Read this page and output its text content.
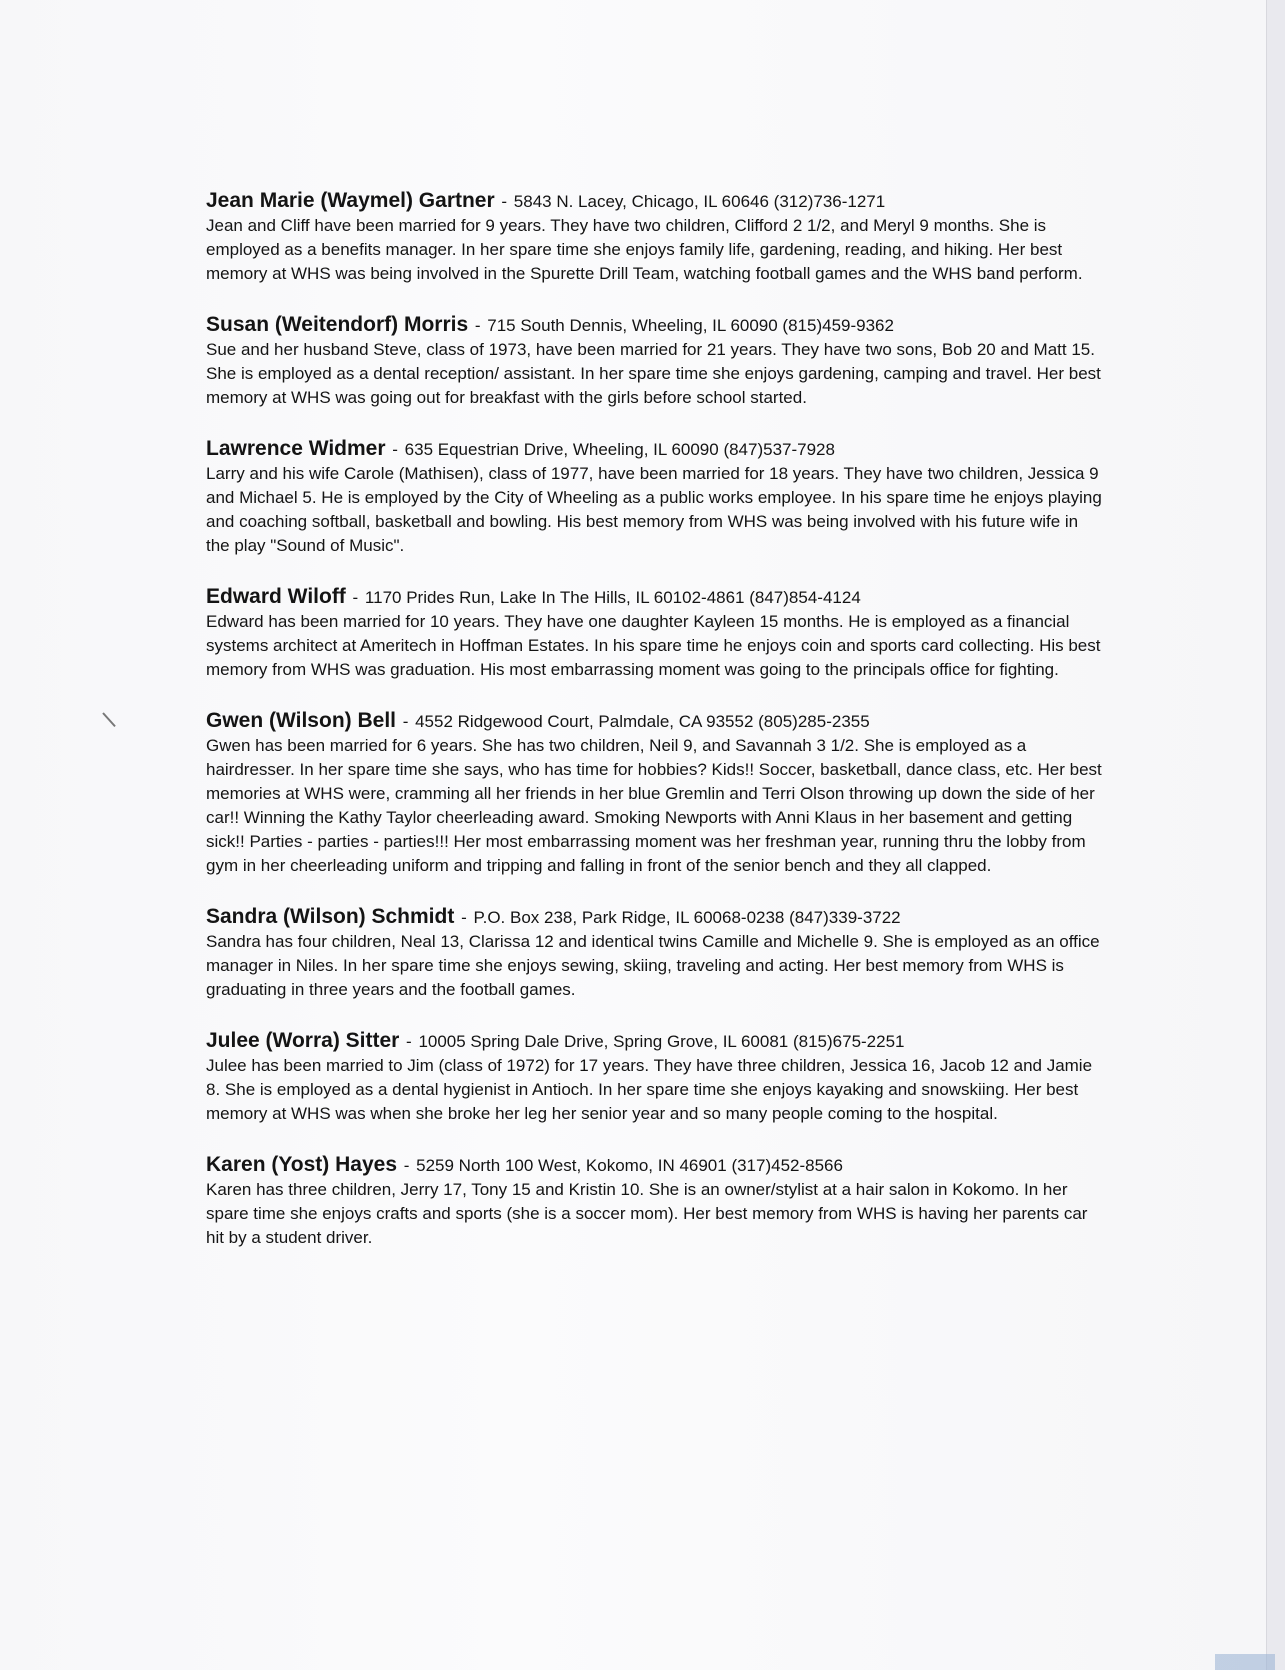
Jean Marie (Waymel) Gartner - 5843 N. Lacey, Chicago, IL 60646 (312)736-1271

Jean and Cliff have been married for 9 years. They have two children, Clifford 2 1/2, and Meryl 9 months. She is employed as a benefits manager. In her spare time she enjoys family life, gardening, reading, and hiking. Her best memory at WHS was being involved in the Spurette Drill Team, watching football games and the WHS band perform.

Susan (Weitendorf) Morris - 715 South Dennis, Wheeling, IL 60090 (815)459-9362

Sue and her husband Steve, class of 1973, have been married for 21 years. They have two sons, Bob 20 and Matt 15. She is employed as a dental reception/ assistant. In her spare time she enjoys gardening, camping and travel. Her best memory at WHS was going out for breakfast with the girls before school started.

Lawrence Widmer - 635 Equestrian Drive, Wheeling, IL 60090 (847)537-7928

Larry and his wife Carole (Mathisen), class of 1977, have been married for 18 years. They have two children, Jessica 9 and Michael 5. He is employed by the City of Wheeling as a public works employee. In his spare time he enjoys playing and coaching softball, basketball and bowling. His best memory from WHS was being involved with his future wife in the play "Sound of Music".

Edward Wiloff - 1170 Prides Run, Lake In The Hills, IL 60102-4861 (847)854-4124

Edward has been married for 10 years. They have one daughter Kayleen 15 months. He is employed as a financial systems architect at Ameritech in Hoffman Estates. In his spare time he enjoys coin and sports card collecting. His best memory from WHS was graduation. His most embarrassing moment was going to the principals office for fighting.

Gwen (Wilson) Bell - 4552 Ridgewood Court, Palmdale, CA 93552 (805)285-2355

Gwen has been married for 6 years. She has two children, Neil 9, and Savannah 3 1/2. She is employed as a hairdresser. In her spare time she says, who has time for hobbies? Kids!! Soccer, basketball, dance class, etc. Her best memories at WHS were, cramming all her friends in her blue Gremlin and Terri Olson throwing up down the side of her car!! Winning the Kathy Taylor cheerleading award. Smoking Newports with Anni Klaus in her basement and getting sick!! Parties - parties - parties!!! Her most embarrassing moment was her freshman year, running thru the lobby from gym in her cheerleading uniform and tripping and falling in front of the senior bench and they all clapped.

Sandra (Wilson) Schmidt - P.O. Box 238, Park Ridge, IL 60068-0238 (847)339-3722

Sandra has four children, Neal 13, Clarissa 12 and identical twins Camille and Michelle 9. She is employed as an office manager in Niles. In her spare time she enjoys sewing, skiing, traveling and acting. Her best memory from WHS is graduating in three years and the football games.

Julee (Worra) Sitter - 10005 Spring Dale Drive, Spring Grove, IL 60081 (815)675-2251

Julee has been married to Jim (class of 1972) for 17 years. They have three children, Jessica 16, Jacob 12 and Jamie 8. She is employed as a dental hygienist in Antioch. In her spare time she enjoys kayaking and snowskiing. Her best memory at WHS was when she broke her leg her senior year and so many people coming to the hospital.

Karen (Yost) Hayes - 5259 North 100 West, Kokomo, IN 46901 (317)452-8566

Karen has three children, Jerry 17, Tony 15 and Kristin 10. She is an owner/stylist at a hair salon in Kokomo. In her spare time she enjoys crafts and sports (she is a soccer mom). Her best memory from WHS is having her parents car hit by a student driver.
